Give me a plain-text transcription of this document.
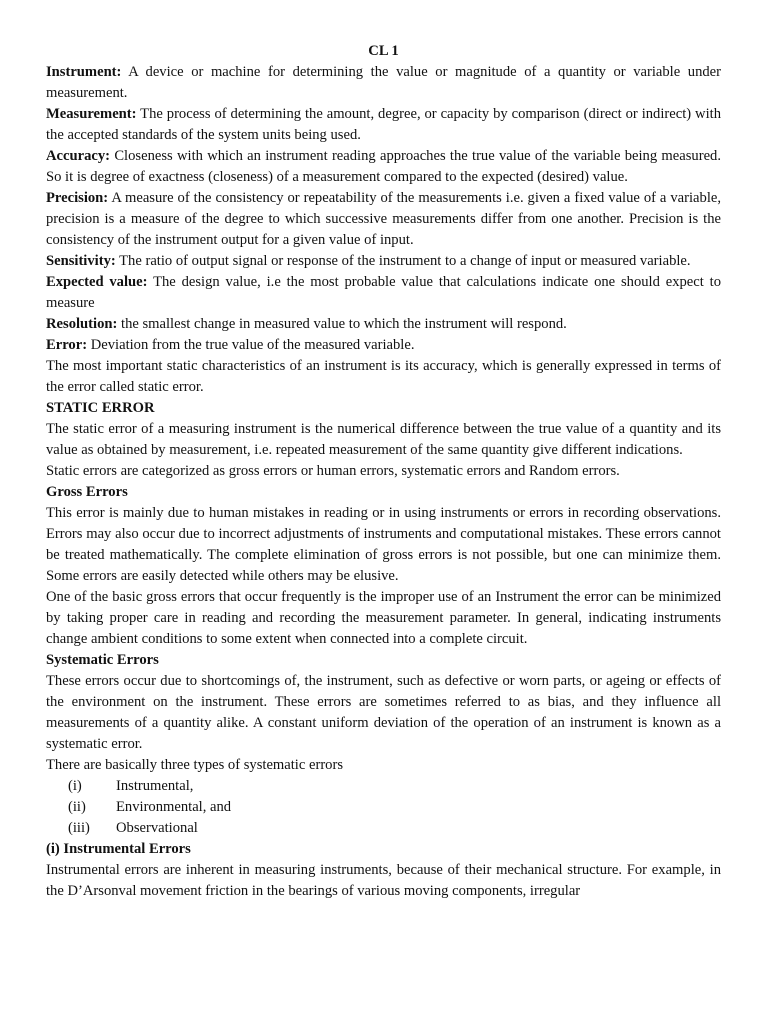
CL 1

Instrument: A device or machine for determining the value or magnitude of a quantity or variable under measurement.

Measurement: The process of determining the amount, degree, or capacity by comparison (direct or indirect) with the accepted standards of the system units being used.

Accuracy: Closeness with which an instrument reading approaches the true value of the variable being measured. So it is degree of exactness (closeness) of a measurement compared to the expected (desired) value.

Precision: A measure of the consistency or repeatability of the measurements i.e. given a fixed value of a variable, precision is a measure of the degree to which successive measurements differ from one another. Precision is the consistency of the instrument output for a given value of input.

Sensitivity: The ratio of output signal or response of the instrument to a change of input or measured variable.

Expected value: The design value, i.e the most probable value that calculations indicate one should expect to measure

Resolution: the smallest change in measured value to which the instrument will respond.

Error: Deviation from the true value of the measured variable.

The most important static characteristics of an instrument is its accuracy, which is generally expressed in terms of the error called static error.

STATIC ERROR

The static error of a measuring instrument is the numerical difference between the true value of a quantity and its value as obtained by measurement, i.e. repeated measurement of the same quantity give different indications.

Static errors are categorized as gross errors or human errors, systematic errors and Random errors.

Gross Errors

This error is mainly due to human mistakes in reading or in using instruments or errors in recording observations. Errors may also occur due to incorrect adjustments of instruments and computational mistakes. These errors cannot be treated mathematically. The complete elimination of gross errors is not possible, but one can minimize them. Some errors are easily detected while others may be elusive.

One of the basic gross errors that occur frequently is the improper use of an Instrument the error can be minimized by taking proper care in reading and recording the measurement parameter. In general, indicating instruments change ambient conditions to some extent when connected into a complete circuit.

Systematic Errors

These errors occur due to shortcomings of, the instrument, such as defective or worn parts, or ageing or effects of the environment on the instrument. These errors are sometimes referred to as bias, and they influence all measurements of a quantity alike. A constant uniform deviation of the operation of an instrument is known as a systematic error.

There are basically three types of systematic errors

(i)	Instrumental,
(ii)	Environmental, and
(iii)	Observational
(i) Instrumental Errors

Instrumental errors are inherent in measuring instruments, because of their mechanical structure. For example, in the D’Arsonval movement friction in the bearings of various moving components, irregular
